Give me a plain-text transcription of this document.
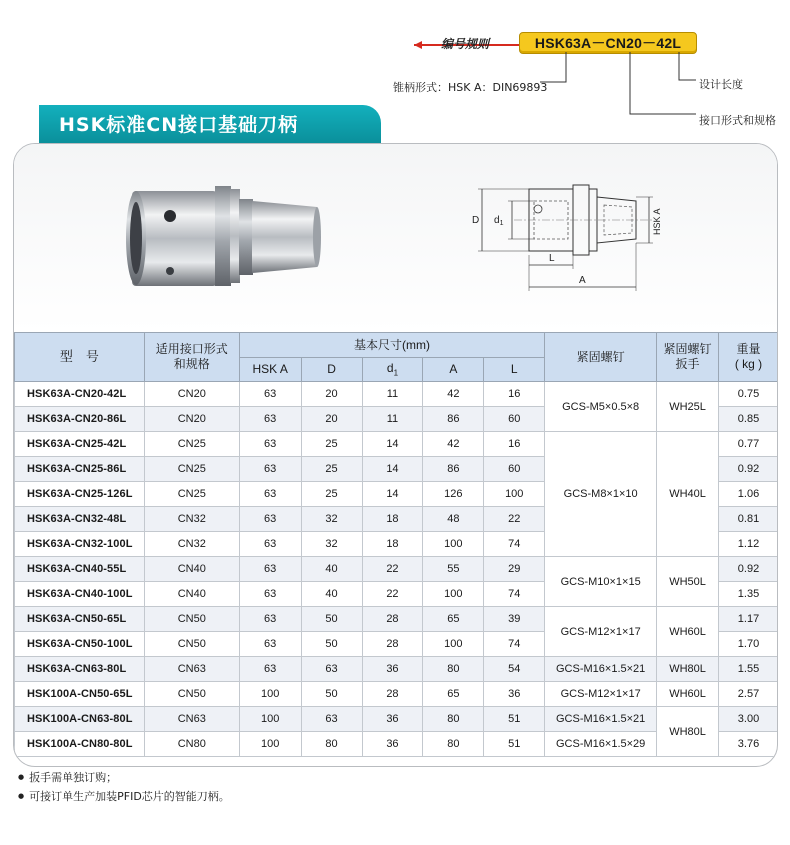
编号规则	HSK63A－CN20－42L
锥柄形式：HSK A：DIN69893	设计长度
接口形式和规格
HSK标准CN接口基础刀柄
D $d_1$
L
A
HSK A
型　号	适用接口形式
和规格	基本尺寸(mm)					紧固螺钉	紧固螺钉
扳手	重量
( kg )
		HSK A	D	$d_1$	A	L			
HSK63A-CN20-42L	CN20	63	20	11	42	16	GCS-M5×0.5×8	WH25L	0.75
HSK63A-CN20-86L	CN20	63	20	11	86	60			0.85
HSK63A-CN25-42L	CN25	63	25	14	42	16	GCS-M8×1×10	WH40L	0.77
HSK63A-CN25-86L	CN25	63	25	14	86	60			0.92
HSK63A-CN25-126L	CN25	63	25	14	126	100			1.06
HSK63A-CN32-48L	CN32	63	32	18	48	22			0.81
HSK63A-CN32-100L	CN32	63	32	18	100	74			1.12
HSK63A-CN40-55L	CN40	63	40	22	55	29	GCS-M10×1×15	WH50L	0.92
HSK63A-CN40-100L	CN40	63	40	22	100	74			1.35
HSK63A-CN50-65L	CN50	63	50	28	65	39	GCS-M12×1×17	WH60L	1.17
HSK63A-CN50-100L	CN50	63	50	28	100	74			1.70
HSK63A-CN63-80L	CN63	63	63	36	80	54	GCS-M16×1.5×21	WH80L	1.55
HSK100A-CN50-65L	CN50	100	50	28	65	36	GCS-M12×1×17	WH60L	2.57
HSK100A-CN63-80L	CN63	100	63	36	80	51	GCS-M16×1.5×21	WH80L	3.00
HSK100A-CN80-80L	CN80	100	80	36	80	51	GCS-M16×1.5×29		3.76
● 扳手需单独订购；
● 可接订单生产加装PFID芯片的智能刀柄。
